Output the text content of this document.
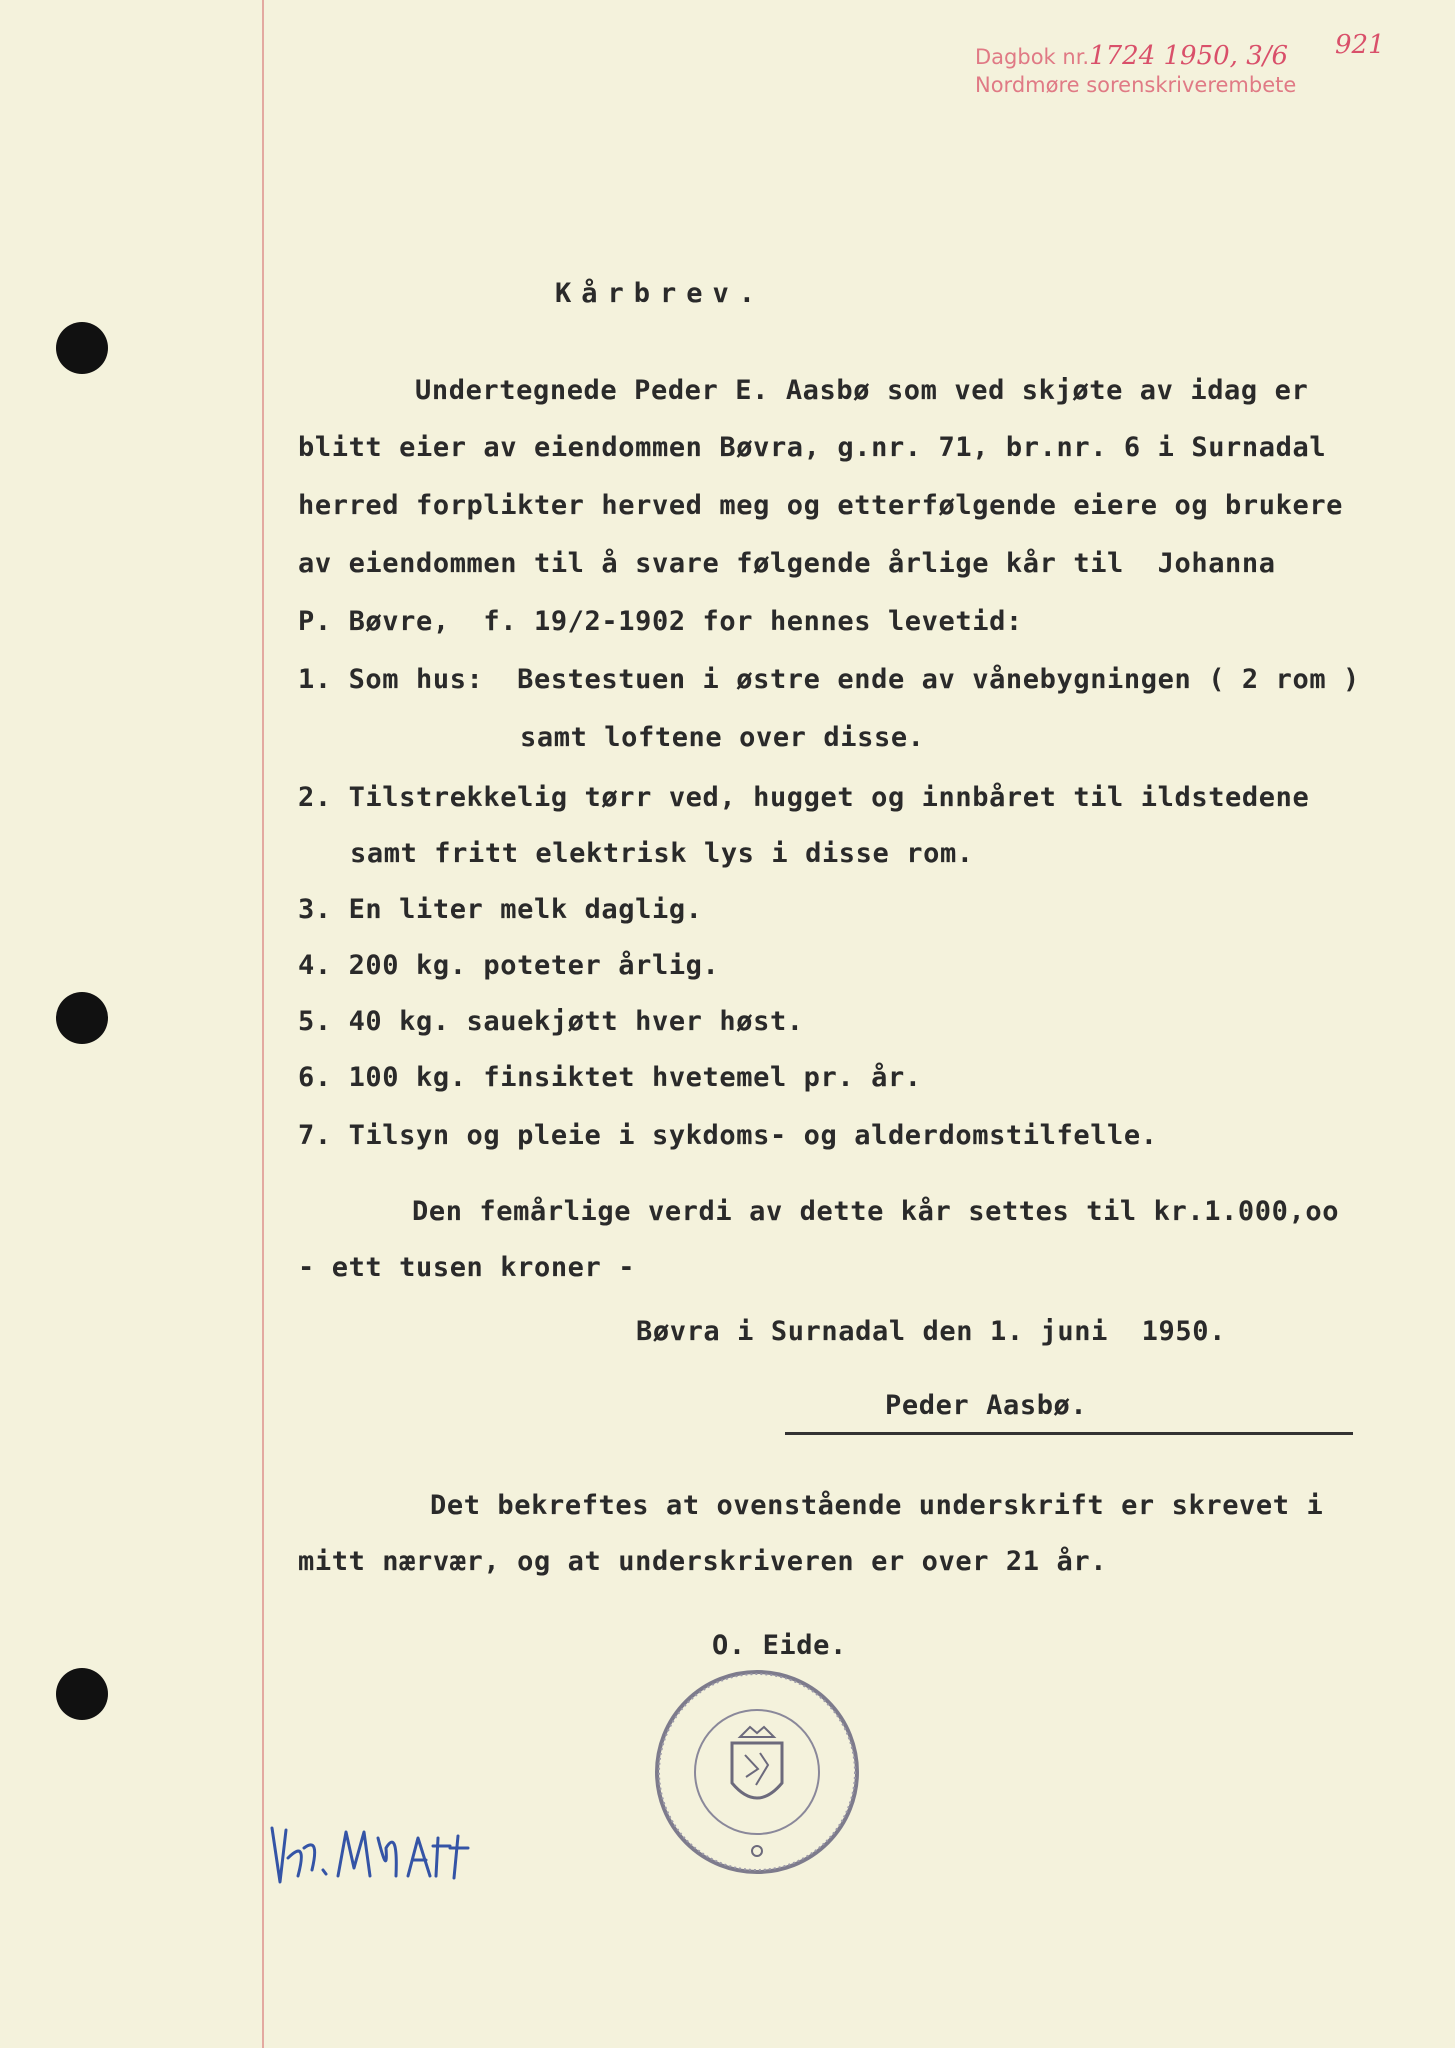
Dagbok nr.1724 1950, 3/6
Nordmøre sorenskriverembete
921
Kårbrev.
Undertegnede Peder E. Aasbø som ved skjøte av idag er
blitt eier av eiendommen Bøvra, g.nr. 71, br.nr. 6 i Surnadal
herred forplikter herved meg og etterfølgende eiere og brukere
av eiendommen til å svare følgende årlige kår til  Johanna
P. Bøvre,  f. 19/2-1902 for hennes levetid:
1. Som hus:  Bestestuen i østre ende av vånebygningen ( 2 rom )
samt loftene over disse.
2. Tilstrekkelig tørr ved, hugget og innbåret til ildstedene
samt fritt elektrisk lys i disse rom.
3. En liter melk daglig.
4. 200 kg. poteter årlig.
5. 40 kg. sauekjøtt hver høst.
6. 100 kg. finsiktet hvetemel pr. år.
7. Tilsyn og pleie i sykdoms- og alderdomstilfelle.
Den femårlige verdi av dette kår settes til kr.1.000,oo
- ett tusen kroner -
Bøvra i Surnadal den 1. juni  1950.
Peder Aasbø.
Det bekreftes at ovenstående underskrift er skrevet i
mitt nærvær, og at underskriveren er over 21 år.
O. Eide.
